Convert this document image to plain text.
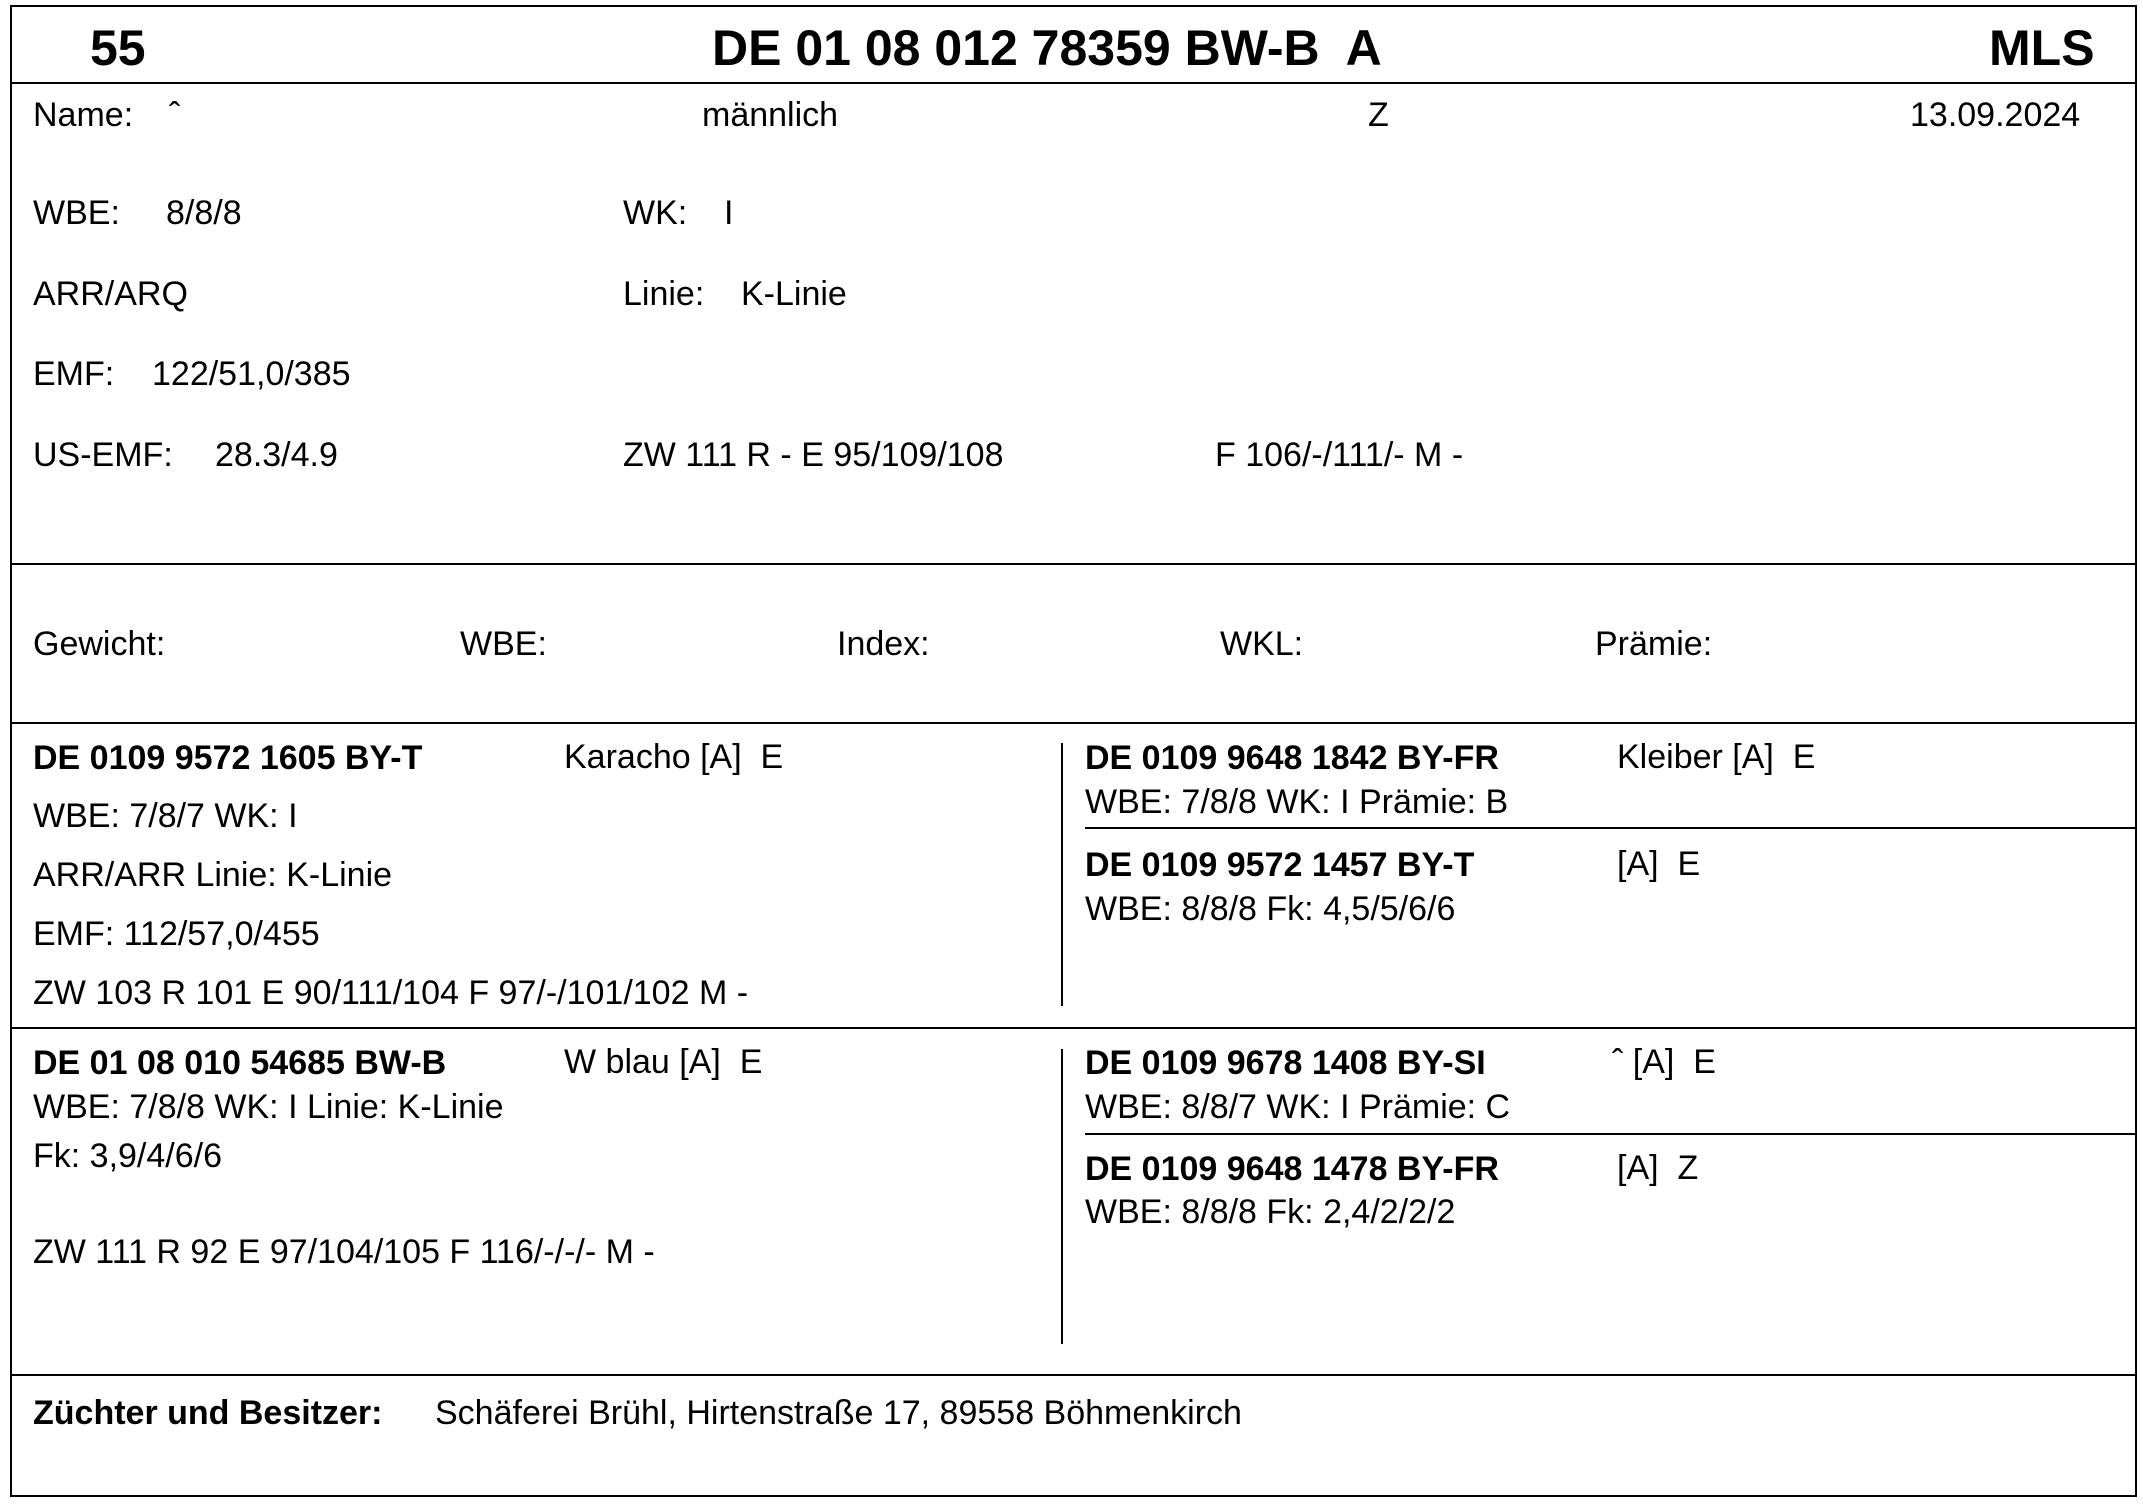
55	DE 01 08 012 78359 BW-B  A	MLS
Name: ˆ	männlich	Z	13.09.2024
WBE: 8/8/8	WK: I
ARR/ARQ	Linie: K-Linie
EMF: 122/51,0/385
US-EMF: 28.3/4.9	ZW 111 R - E 95/109/108	F 106/-/111/- M -
Gewicht:	WBE:	Index:	WKL:	Prämie:
DE 0109 9572 1605 BY-T	Karacho [A]  E
WBE: 7/8/7 WK: I
ARR/ARR Linie: K-Linie
EMF: 112/57,0/455
ZW 103 R 101 E 90/111/104 F 97/-/101/102 M -
DE 0109 9648 1842 BY-FR	Kleiber [A]  E
WBE: 7/8/8 WK: I Prämie: B
DE 0109 9572 1457 BY-T	[A]  E
WBE: 8/8/8 Fk: 4,5/5/6/6
DE 01 08 010 54685 BW-B	W blau [A]  E
WBE: 7/8/8 WK: I Linie: K-Linie
Fk: 3,9/4/6/6
ZW 111 R 92 E 97/104/105 F 116/-/-/- M -
DE 0109 9678 1408 BY-SI	ˆ [A]  E
WBE: 8/8/7 WK: I Prämie: C
DE 0109 9648 1478 BY-FR	[A]  Z
WBE: 8/8/8 Fk: 2,4/2/2/2
Züchter und Besitzer: Schäferei Brühl, Hirtenstraße 17, 89558 Böhmenkirch
